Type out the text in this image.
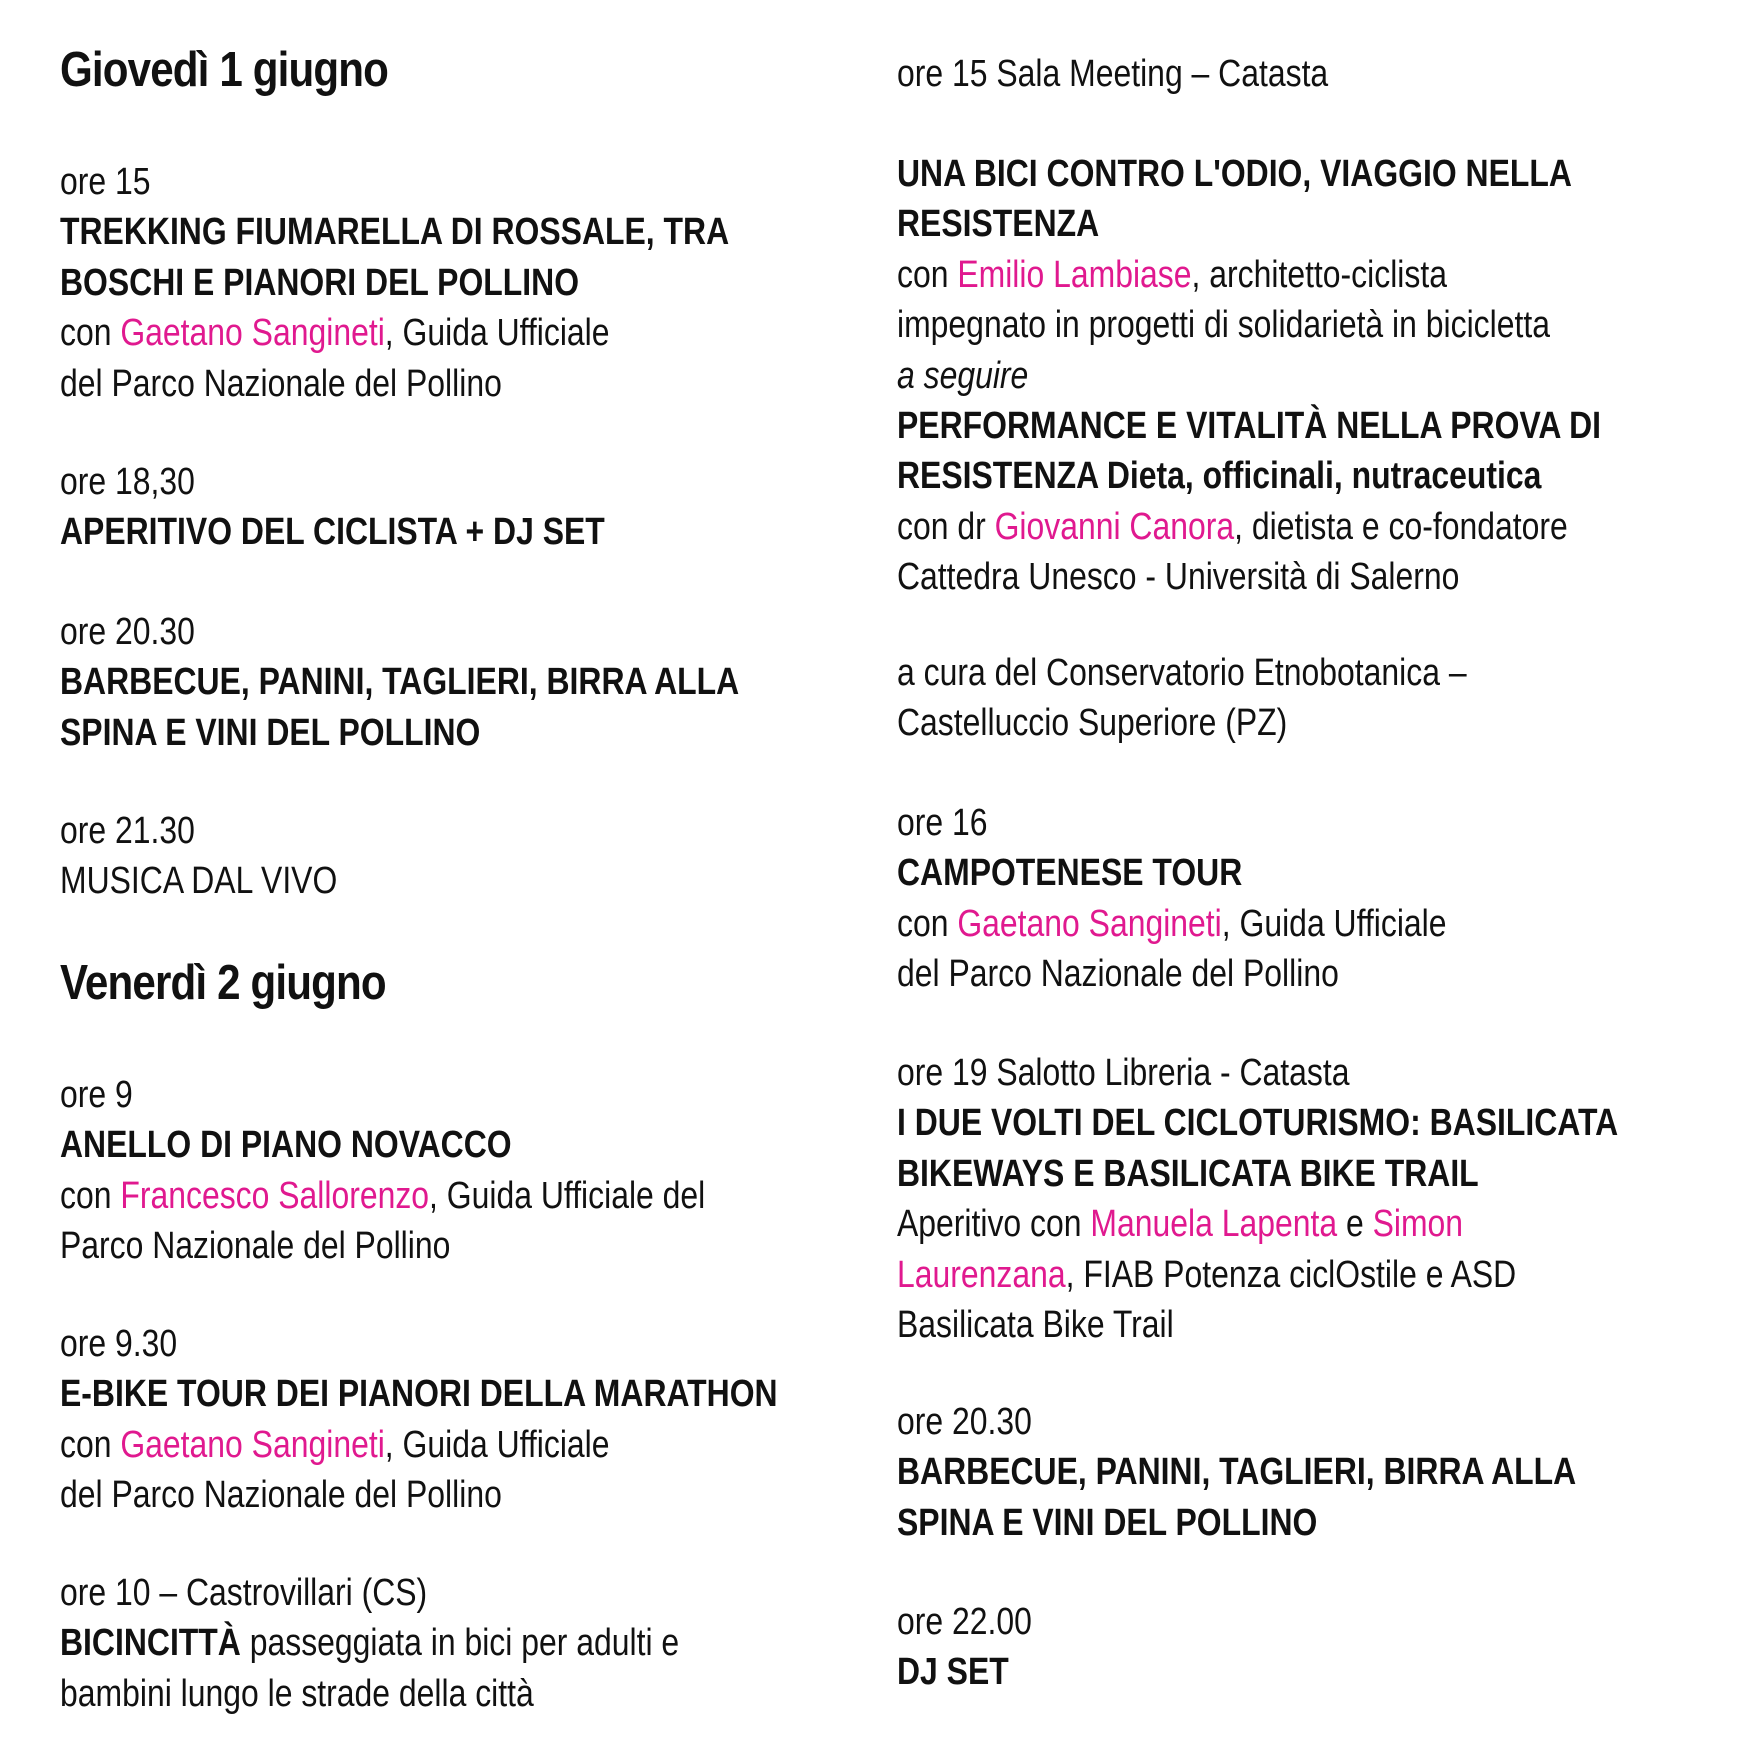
Giovedì 1 giugno
ore 15
TREKKING FIUMARELLA DI ROSSALE, TRA
BOSCHI E PIANORI DEL POLLINO
con Gaetano Sangineti, Guida Ufficiale
del Parco Nazionale del Pollino
ore 18,30
APERITIVO DEL CICLISTA + DJ SET
ore 20.30
BARBECUE, PANINI, TAGLIERI, BIRRA ALLA
SPINA E VINI DEL POLLINO
ore 21.30
MUSICA DAL VIVO
Venerdì 2 giugno
ore 9
ANELLO DI PIANO NOVACCO
con Francesco Sallorenzo, Guida Ufficiale del
Parco Nazionale del Pollino
ore 9.30
E-BIKE TOUR DEI PIANORI DELLA MARATHON
con Gaetano Sangineti, Guida Ufficiale
del Parco Nazionale del Pollino
ore 10 – Castrovillari (CS)
BICINCITTÀ passeggiata in bici per adulti e
bambini lungo le strade della città
ore 15 Sala Meeting – Catasta
UNA BICI CONTRO L'ODIO, VIAGGIO NELLA
RESISTENZA
con Emilio Lambiase, architetto-ciclista
impegnato in progetti di solidarietà in bicicletta
a seguire
PERFORMANCE E VITALITÀ NELLA PROVA DI
RESISTENZA Dieta, officinali, nutraceutica
con dr Giovanni Canora, dietista e co-fondatore
Cattedra Unesco - Università di Salerno
a cura del Conservatorio Etnobotanica –
Castelluccio Superiore (PZ)
ore 16
CAMPOTENESE TOUR
con Gaetano Sangineti, Guida Ufficiale
del Parco Nazionale del Pollino
ore 19 Salotto Libreria - Catasta
I DUE VOLTI DEL CICLOTURISMO: BASILICATA
BIKEWAYS E BASILICATA BIKE TRAIL
Aperitivo con Manuela Lapenta e Simon
Laurenzana, FIAB Potenza ciclOstile e ASD
Basilicata Bike Trail
ore 20.30
BARBECUE, PANINI, TAGLIERI, BIRRA ALLA
SPINA E VINI DEL POLLINO
ore 22.00
DJ SET
